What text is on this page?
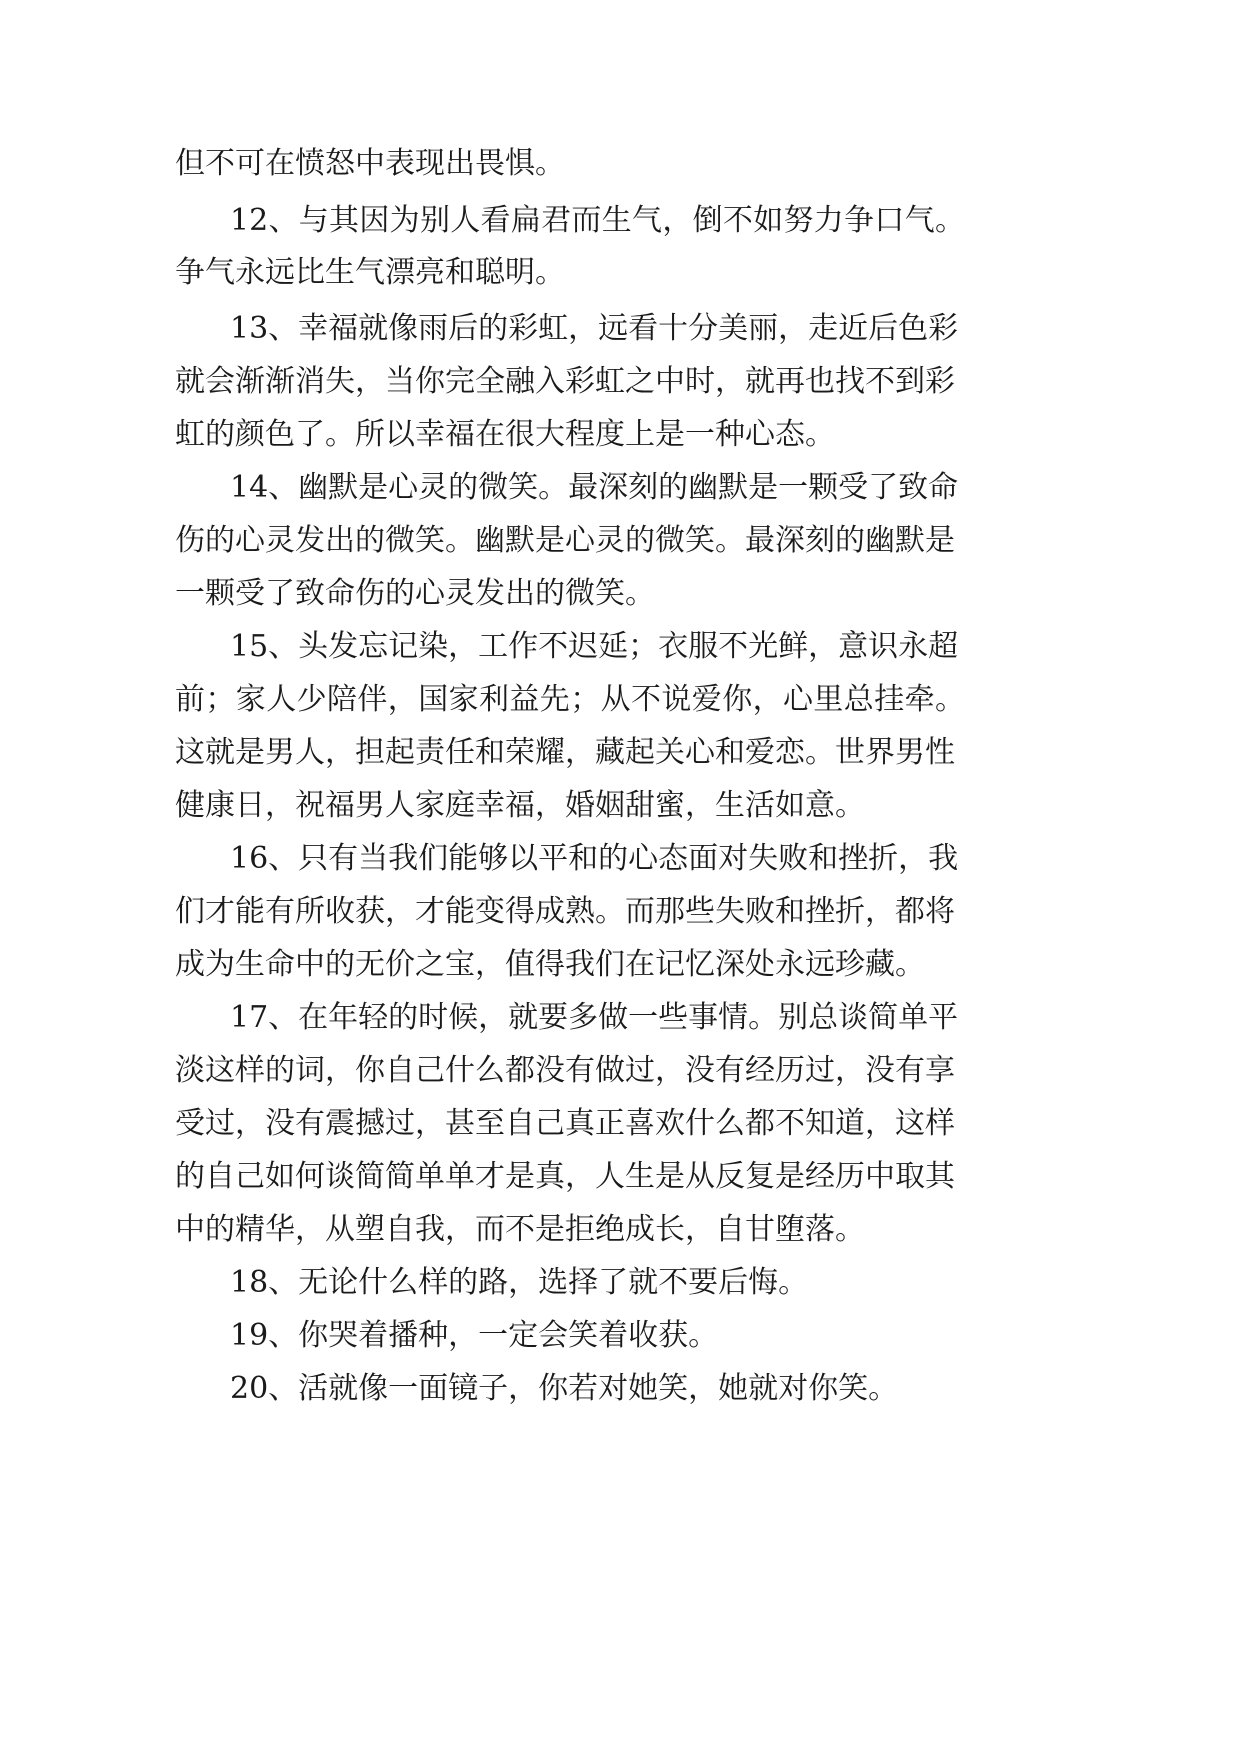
但不可在愤怒中表现出畏惧。
12、与其因为别人看扁君而生气，倒不如努力争口气。
争气永远比生气漂亮和聪明。
13、幸福就像雨后的彩虹，远看十分美丽，走近后色彩
就会渐渐消失，当你完全融入彩虹之中时，就再也找不到彩
虹的颜色了。所以幸福在很大程度上是一种心态。
14、幽默是心灵的微笑。最深刻的幽默是一颗受了致命
伤的心灵发出的微笑。幽默是心灵的微笑。最深刻的幽默是
一颗受了致命伤的心灵发出的微笑。
15、头发忘记染，工作不迟延；衣服不光鲜，意识永超
前；家人少陪伴，国家利益先；从不说爱你，心里总挂牵。
这就是男人，担起责任和荣耀，藏起关心和爱恋。世界男性
健康日，祝福男人家庭幸福，婚姻甜蜜，生活如意。
16、只有当我们能够以平和的心态面对失败和挫折，我
们才能有所收获，才能变得成熟。而那些失败和挫折，都将
成为生命中的无价之宝，值得我们在记忆深处永远珍藏。
17、在年轻的时候，就要多做一些事情。别总谈简单平
淡这样的词，你自己什么都没有做过，没有经历过，没有享
受过，没有震撼过，甚至自己真正喜欢什么都不知道，这样
的自己如何谈简简单单才是真，人生是从反复是经历中取其
中的精华，从塑自我，而不是拒绝成长，自甘堕落。
18、无论什么样的路，选择了就不要后悔。
19、你哭着播种，一定会笑着收获。
20、活就像一面镜子，你若对她笑，她就对你笑。
